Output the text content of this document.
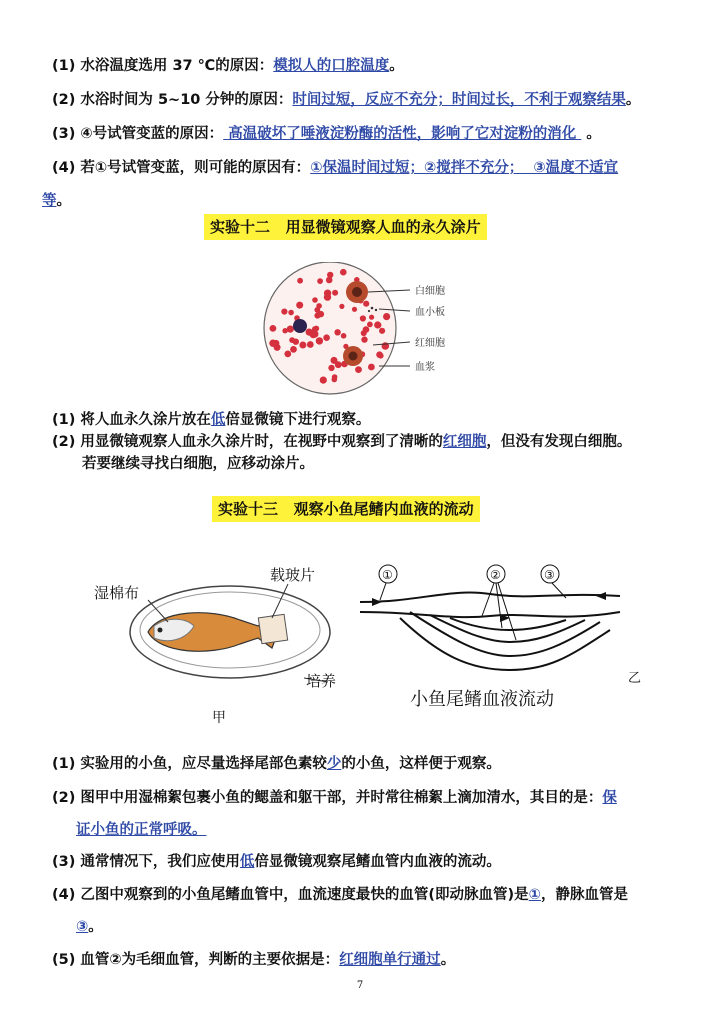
(1) 水浴温度选用 37 ℃的原因：模拟人的口腔温度。
(2) 水浴时间为 5~10 分钟的原因：时间过短，反应不充分；时间过长，不利于观察结果。
(3) ④号试管变蓝的原因： 高温破坏了唾液淀粉酶的活性，影响了它对淀粉的消化  。
(4) 若①号试管变蓝，则可能的原因有：①保温时间过短；②搅拌不充分；  ③温度不适宜
等。
实验十二   用显微镜观察人血的永久涂片
白细胞
血小板
红细胞
血浆
(1) 将人血永久涂片放在低倍显微镜下进行观察。
(2) 用显微镜观察人血永久涂片时，在视野中观察到了清晰的红细胞，但没有发现白细胞。
若要继续寻找白细胞，应移动涂片。
实验十三   观察小鱼尾鳍内血液的流动
湿棉布
载玻片
培养
甲
①	②	③
小鱼尾鳍血液流动
乙
(1) 实验用的小鱼，应尽量选择尾部色素较少的小鱼，这样便于观察。
(2) 图甲中用湿棉絮包裹小鱼的鳃盖和躯干部，并时常往棉絮上滴加清水，其目的是：保
证小鱼的正常呼吸。
(3) 通常情况下，我们应使用低倍显微镜观察尾鳍血管内血液的流动。
(4) 乙图中观察到的小鱼尾鳍血管中，血流速度最快的血管(即动脉血管)是①，静脉血管是
③。
(5) 血管②为毛细血管，判断的主要依据是：红细胞单行通过。
7
